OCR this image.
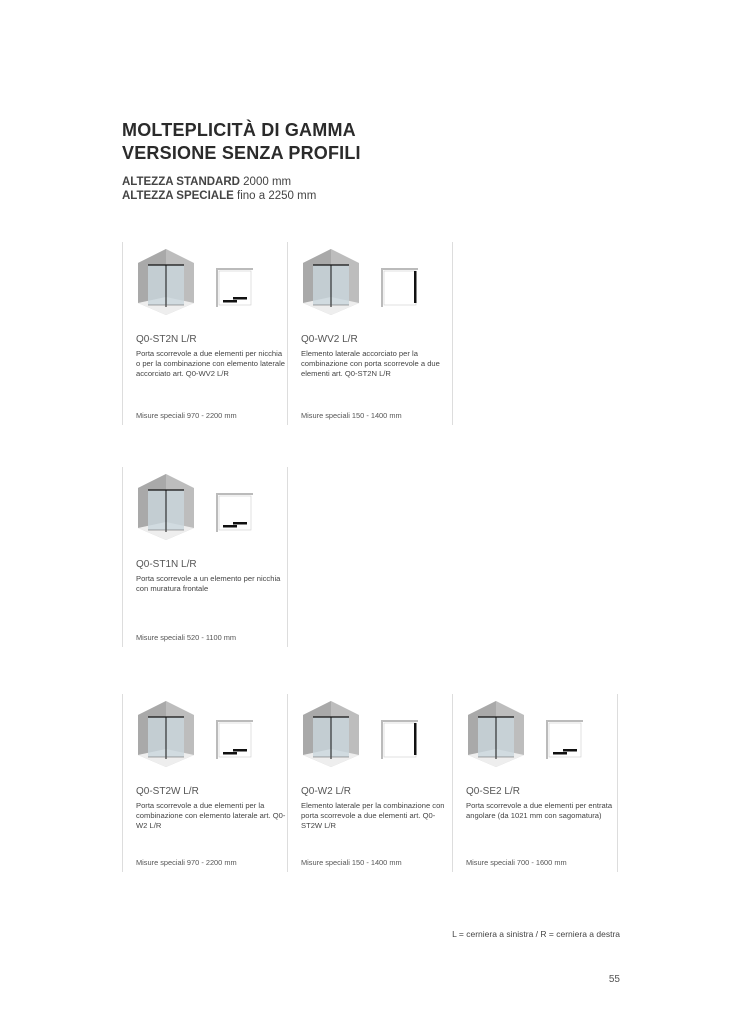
MOLTEPLICITÀ DI GAMMA
VERSIONE SENZA PROFILI
ALTEZZA STANDARD 2000 mm
ALTEZZA SPECIALE fino a 2250 mm
Q0-ST2N L/R
Porta scorrevole a due elementi per nicchia o per la combinazione con elemento laterale accorciato art. Q0-WV2 L/R
Misure speciali 970 - 2200 mm
Q0-WV2 L/R
Elemento laterale accorciato per la combinazione con porta scorrevole a due elementi art. Q0-ST2N L/R
Misure speciali 150 - 1400 mm
Q0-ST1N L/R
Porta scorrevole a un elemento per nicchia con muratura frontale
Misure speciali 520 - 1100 mm
Q0-ST2W L/R
Porta scorrevole a due elementi per la combinazione con elemento laterale art. Q0-W2 L/R
Misure speciali 970 - 2200 mm
Q0-W2 L/R
Elemento laterale per la combinazione con porta scorrevole a due elementi art. Q0-ST2W L/R
Misure speciali 150 - 1400 mm
Q0-SE2 L/R
Porta scorrevole a due elementi per entrata angolare (da 1021 mm con sagomatura)
Misure speciali 700 - 1600 mm
L = cerniera a sinistra / R = cerniera a destra
55
